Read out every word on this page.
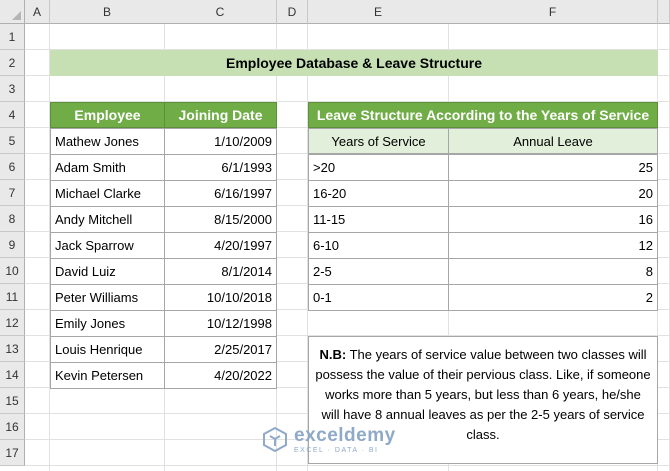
A	B	C	D	E	F
1
2
3
4
5
6
7
8
9
10
11
12
13
14
15
16
17
Employee Database & Leave Structure
Employee	Joining Date
Mathew Jones	1/10/2009
Adam Smith	6/1/1993
Michael Clarke	6/16/1997
Andy Mitchell	8/15/2000
Jack Sparrow	4/20/1997
David Luiz	8/1/2014
Peter Williams	10/10/2018
Emily Jones	10/12/1998
Louis Henrique	2/25/2017
Kevin Petersen	4/20/2022
Leave Structure According to the Years of Service
Years of Service	Annual Leave
>20	25
16-20	20
11-15	16
6-10	12
2-5	8
0-1	2
N.B: The years of service value between two classes will possess the value of their pervious class. Like, if someone works more than 5 years, but less than 6 years, he/she will have 8 annual leaves as per the 2-5 years of service class.
exceldemy
EXCEL · DATA · BI
